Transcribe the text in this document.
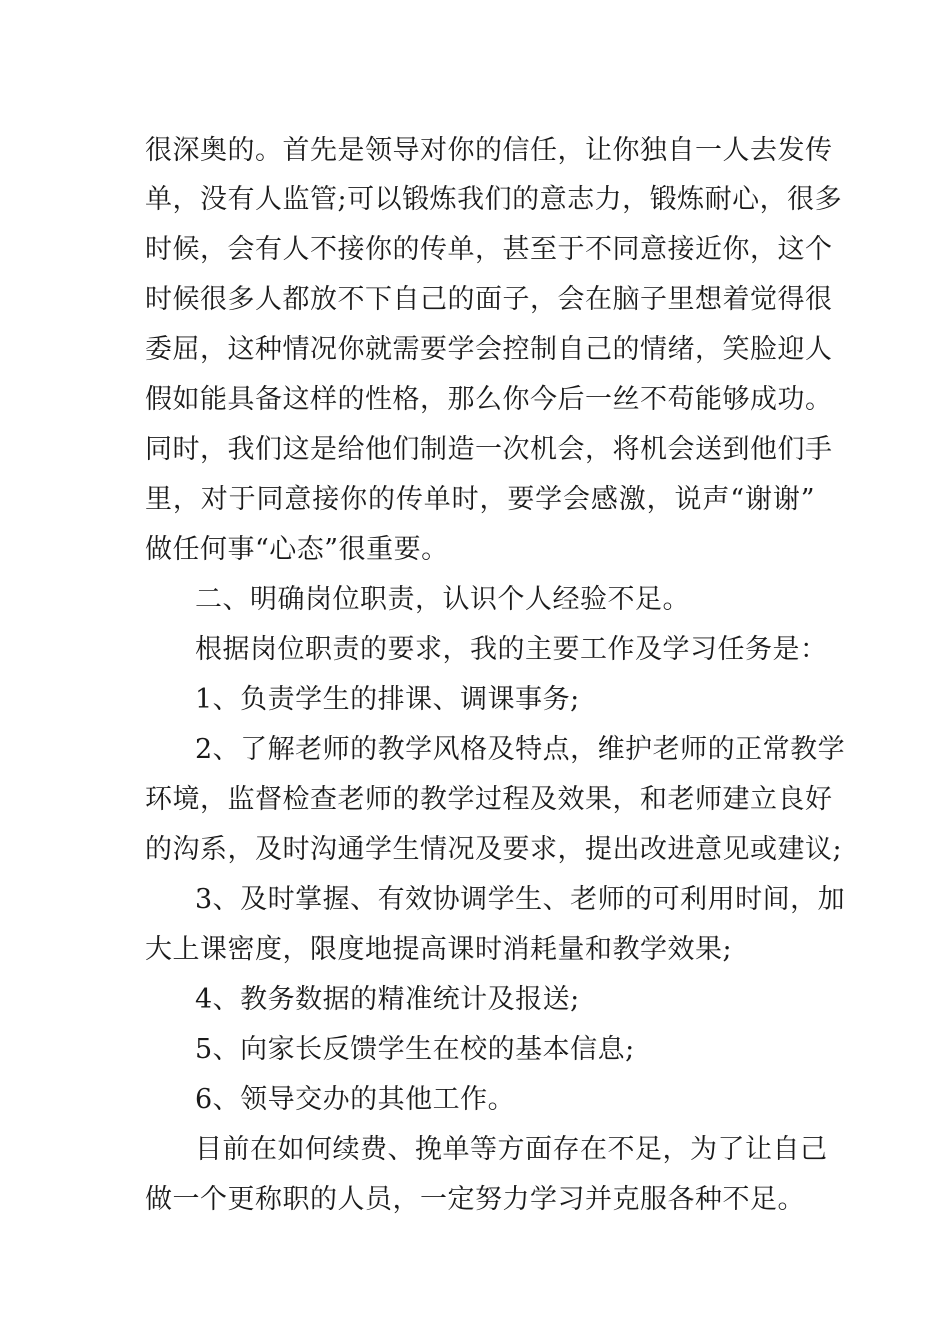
很深奥的。首先是领导对你的信任，让你独自一人去发传
单，没有人监管;可以锻炼我们的意志力，锻炼耐心，很多
时候，会有人不接你的传单，甚至于不同意接近你，这个
时候很多人都放不下自己的面子，会在脑子里想着觉得很
委屈，这种情况你就需要学会控制自己的情绪，笑脸迎人
假如能具备这样的性格，那么你今后一丝不苟能够成功。
同时，我们这是给他们制造一次机会，将机会送到他们手
里，对于同意接你的传单时，要学会感激，说声“谢谢”
做任何事“心态”很重要。
二、明确岗位职责，认识个人经验不足。
根据岗位职责的要求，我的主要工作及学习任务是：
1、负责学生的排课、调课事务;
2、了解老师的教学风格及特点，维护老师的正常教学
环境，监督检查老师的教学过程及效果，和老师建立良好
的沟系，及时沟通学生情况及要求，提出改进意见或建议;
3、及时掌握、有效协调学生、老师的可利用时间，加
大上课密度，限度地提高课时消耗量和教学效果;
4、教务数据的精准统计及报送;
5、向家长反馈学生在校的基本信息;
6、领导交办的其他工作。
目前在如何续费、挽单等方面存在不足，为了让自己
做一个更称职的人员，一定努力学习并克服各种不足。
